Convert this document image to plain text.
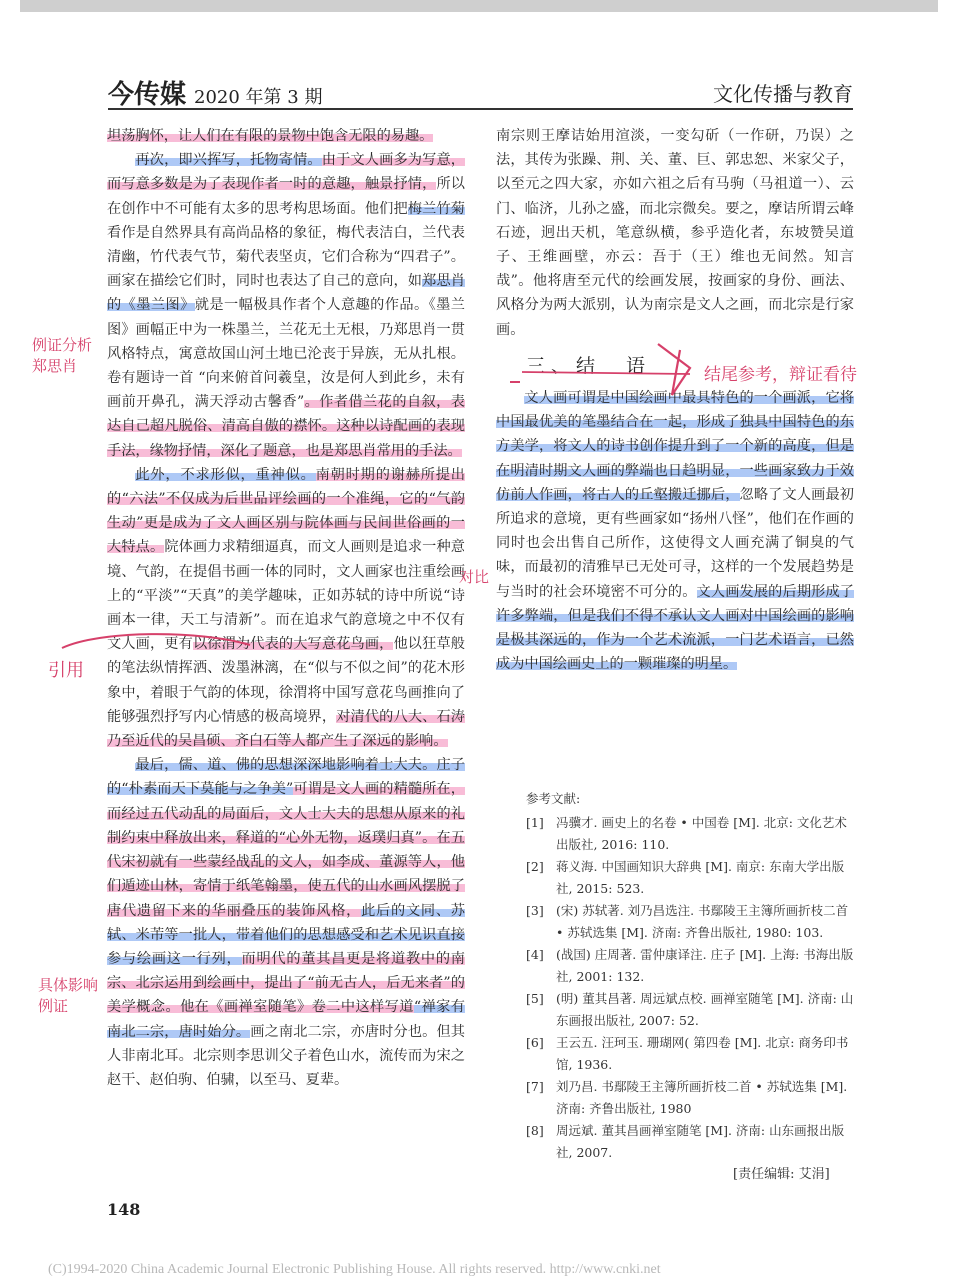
今传媒 2020 年第 3 期	文化传播与教育

坦荡胸怀，让人们在有限的景物中饱含无限的易趣。

再次，即兴挥写，托物寄情。由于文人画多为写意，而写意多数是为了表现作者一时的意趣，触景抒情，所以在创作中不可能有太多的思考构思场面。他们把梅兰竹菊看作是自然界具有高尚品格的象征，梅代表洁白，兰代表清幽，竹代表气节，菊代表坚贞，它们合称为“四君子”。画家在描绘它们时，同时也表达了自己的意向，如郑思肖的《墨兰图》就是一幅极具作者个人意趣的作品。《墨兰图》画幅正中为一株墨兰，兰花无土无根，乃郑思肖一贯风格特点，寓意故国山河土地已沦丧于异族，无从扎根。卷有题诗一首 “向来俯首问羲皇，汝是何人到此乡，未有画前开鼻孔，满天浮动古馨香”。作者借兰花的自叙，表达自己超凡脱俗、清高自傲的襟怀。这种以诗配画的表现手法，缘物抒情，深化了题意，也是郑思肖常用的手法。

此外，不求形似，重神似。南朝时期的谢赫所提出的“六法”不仅成为后世品评绘画的一个准绳，它的“气韵生动”更是成为了文人画区别与院体画与民间世俗画的一大特点。院体画力求精细逼真，而文人画则是追求一种意境、气韵，在提倡书画一体的同时，文人画家也注重绘画上的“平淡”“天真”的美学趣味，正如苏轼的诗中所说“诗画本一律，天工与清新”。而在追求气韵意境之中不仅有文人画，更有以徐渭为代表的大写意花鸟画，他以狂草般的笔法纵情挥洒、泼墨淋漓，在“似与不似之间”的花木形象中，着眼于气韵的体现，徐渭将中国写意花鸟画推向了能够强烈抒写内心情感的极高境界，对清代的八大、石涛乃至近代的吴昌硕、齐白石等人都产生了深远的影响。

最后，儒、道、佛的思想深深地影响着士大夫。庄子的“朴素而天下莫能与之争美”可谓是文人画的精髓所在，而经过五代动乱的局面后，文人士大夫的思想从原来的礼制约束中释放出来，释道的“心外无物，返璞归真”。在五代宋初就有一些蒙经战乱的文人，如李成、董源等人，他们遁迹山林，寄情于纸笔翰墨，使五代的山水画风摆脱了唐代遗留下来的华丽叠压的装饰风格，此后的文同、苏轼、米芾等一批人，带着他们的思想感受和艺术见识直接参与绘画这一行列，而明代的董其昌更是将道教中的南宗、北宗运用到绘画中，提出了“前无古人，后无来者”的美学概念。他在《画禅室随笔》卷二中这样写道“禅家有南北二宗，唐时始分。画之南北二宗，亦唐时分也。但其人非南北耳。北宗则李思训父子着色山水，流传而为宋之赵干、赵伯驹、伯骕，以至马、夏辈。

南宗则王摩诘始用渲淡，一变勾斫（一作研，乃误）之法，其传为张躁、荆、关、董、巨、郭忠恕、米家父子，以至元之四大家，亦如六祖之后有马驹（马祖道一）、云门、临济，儿孙之盛，而北宗微矣。要之，摩诘所谓云峰石迹，迥出天机，笔意纵横，参乎造化者，东坡赞吴道子、王维画壁，亦云：吾于（王）维也无间然。知言哉”。他将唐至元代的绘画发展，按画家的身份、画法、风格分为两大派别，认为南宗是文人之画，而北宗是行家画。

三、结　语

文人画可谓是中国绘画中最具特色的一个画派，它将中国最优美的笔墨结合在一起，形成了独具中国特色的东方美学，将文人的诗书创作提升到了一个新的高度，但是在明清时期文人画的弊端也日趋明显，一些画家致力于效仿前人作画，将古人的丘壑搬迁挪后，忽略了文人画最初所追求的意境，更有些画家如“扬州八怪”，他们在作画的同时也会出售自己所作，这使得文人画充满了铜臭的气味，而最初的清雅早已无处可寻，这样的一个发展趋势是与当时的社会环境密不可分的。文人画发展的后期形成了许多弊端，但是我们不得不承认文人画对中国绘画的影响是极其深远的，作为一个艺术流派，一门艺术语言，已然成为中国绘画史上的一颗璀璨的明星。

参考文献:
[1] 冯骥才. 画史上的名卷 • 中国卷 [M]. 北京: 文化艺术出版社, 2016: 110.
[2] 蒋义海. 中国画知识大辞典 [M]. 南京: 东南大学出版社, 2015: 523.
[3] (宋) 苏轼著. 刘乃昌选注. 书鄢陵王主簿所画折枝二首 • 苏轼选集 [M]. 济南: 齐鲁出版社, 1980: 103.
[4] (战国) 庄周著. 雷仲康译注. 庄子 [M]. 上海: 书海出版社, 2001: 132.
[5] (明) 董其昌著. 周远斌点校. 画禅室随笔 [M]. 济南: 山东画报出版社, 2007: 52.
[6] 王云五. 汪珂玉. 珊瑚网( 第四卷 [M]. 北京: 商务印书馆, 1936.
[7] 刘乃昌. 书鄢陵王主簿所画折枝二首 • 苏轼选集 [M]. 济南: 齐鲁出版社, 1980
[8] 周远斌. 董其昌画禅室随笔 [M]. 济南: 山东画报出版社, 2007.
[责任编辑: 艾涓]
148
(C)1994-2020 China Academic Journal Electronic Publishing House. All rights reserved. http://www.cnki.net
例证分析
郑思肖
对比
引用
结尾参考，辩证看待
具体影响
例证
